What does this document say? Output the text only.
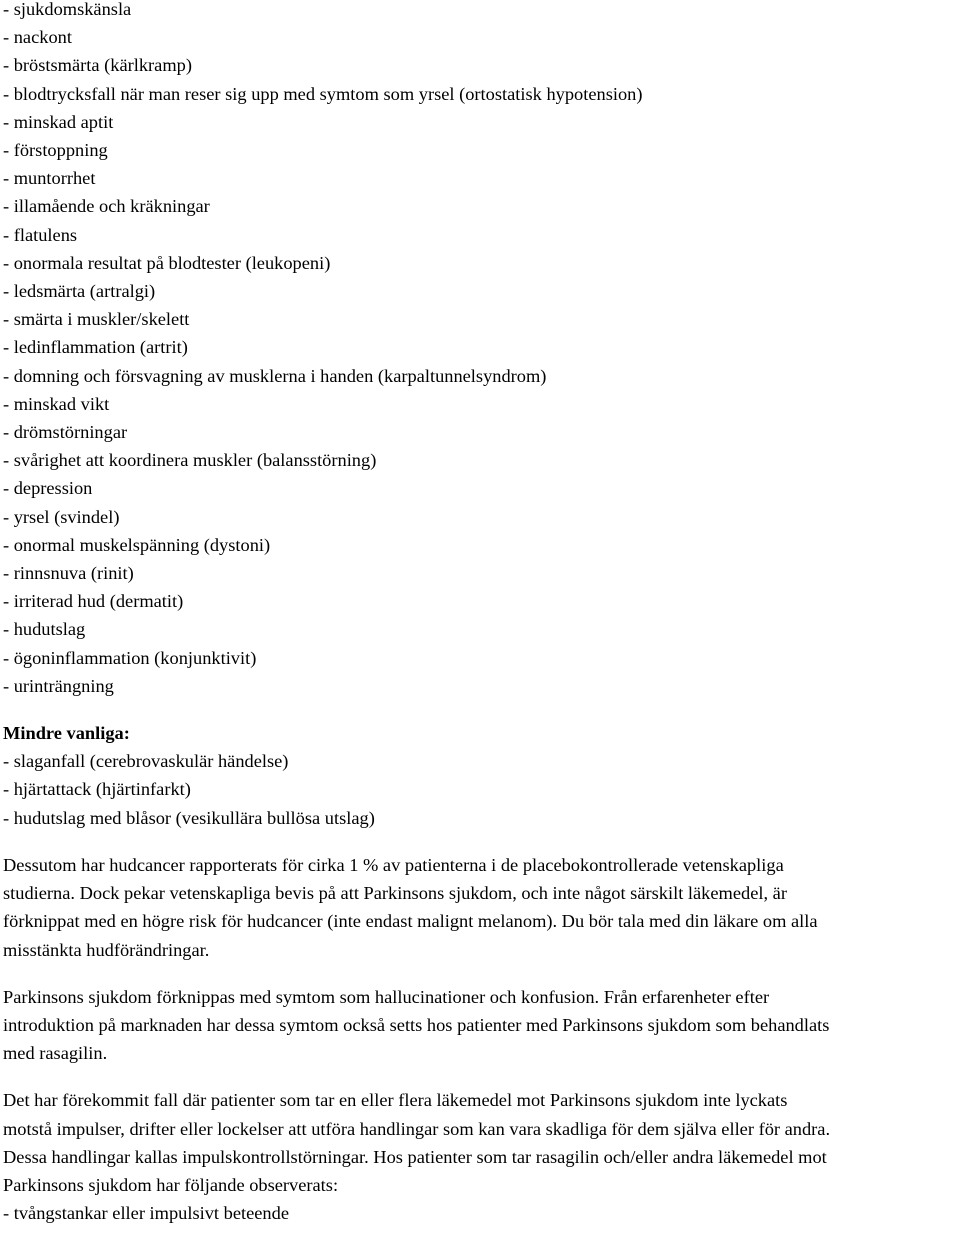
- sjukdomskänsla

- nackont

- bröstsmärta (kärlkramp)

- blodtrycksfall när man reser sig upp med symtom som yrsel (ortostatisk hypotension)

- minskad aptit

- förstoppning

- muntorrhet

- illamående och kräkningar

- flatulens

- onormala resultat på blodtester (leukopeni)

- ledsmärta (artralgi)

- smärta i muskler/skelett

- ledinflammation (artrit)

- domning och försvagning av musklerna i handen (karpaltunnelsyndrom)

- minskad vikt

- drömstörningar

- svårighet att koordinera muskler (balansstörning)

- depression

- yrsel (svindel)

- onormal muskelspänning (dystoni)

- rinnsnuva (rinit)

- irriterad hud (dermatit)

- hudutslag

- ögoninflammation (konjunktivit)

- urinträngning

Mindre vanliga:

- slaganfall (cerebrovaskulär händelse)

- hjärtattack (hjärtinfarkt)

- hudutslag med blåsor (vesikullära bullösa utslag)

Dessutom har hudcancer rapporterats för cirka 1 % av patienterna i de placebokontrollerade vetenskapliga
studierna. Dock pekar vetenskapliga bevis på att Parkinsons sjukdom, och inte något särskilt läkemedel, är
förknippat med en högre risk för hudcancer (inte endast malignt melanom). Du bör tala med din läkare om alla
misstänkta hudförändringar.
Parkinsons sjukdom förknippas med symtom som hallucinationer och konfusion. Från erfarenheter efter
introduktion på marknaden har dessa symtom också setts hos patienter med Parkinsons sjukdom som behandlats
med rasagilin.
Det har förekommit fall där patienter som tar en eller flera läkemedel mot Parkinsons sjukdom inte lyckats
motstå impulser, drifter eller lockelser att utföra handlingar som kan vara skadliga för dem själva eller för andra.
Dessa handlingar kallas impulskontrollstörningar. Hos patienter som tar rasagilin och/eller andra läkemedel mot
Parkinsons sjukdom har följande observerats:
- tvångstankar eller impulsivt beteende
